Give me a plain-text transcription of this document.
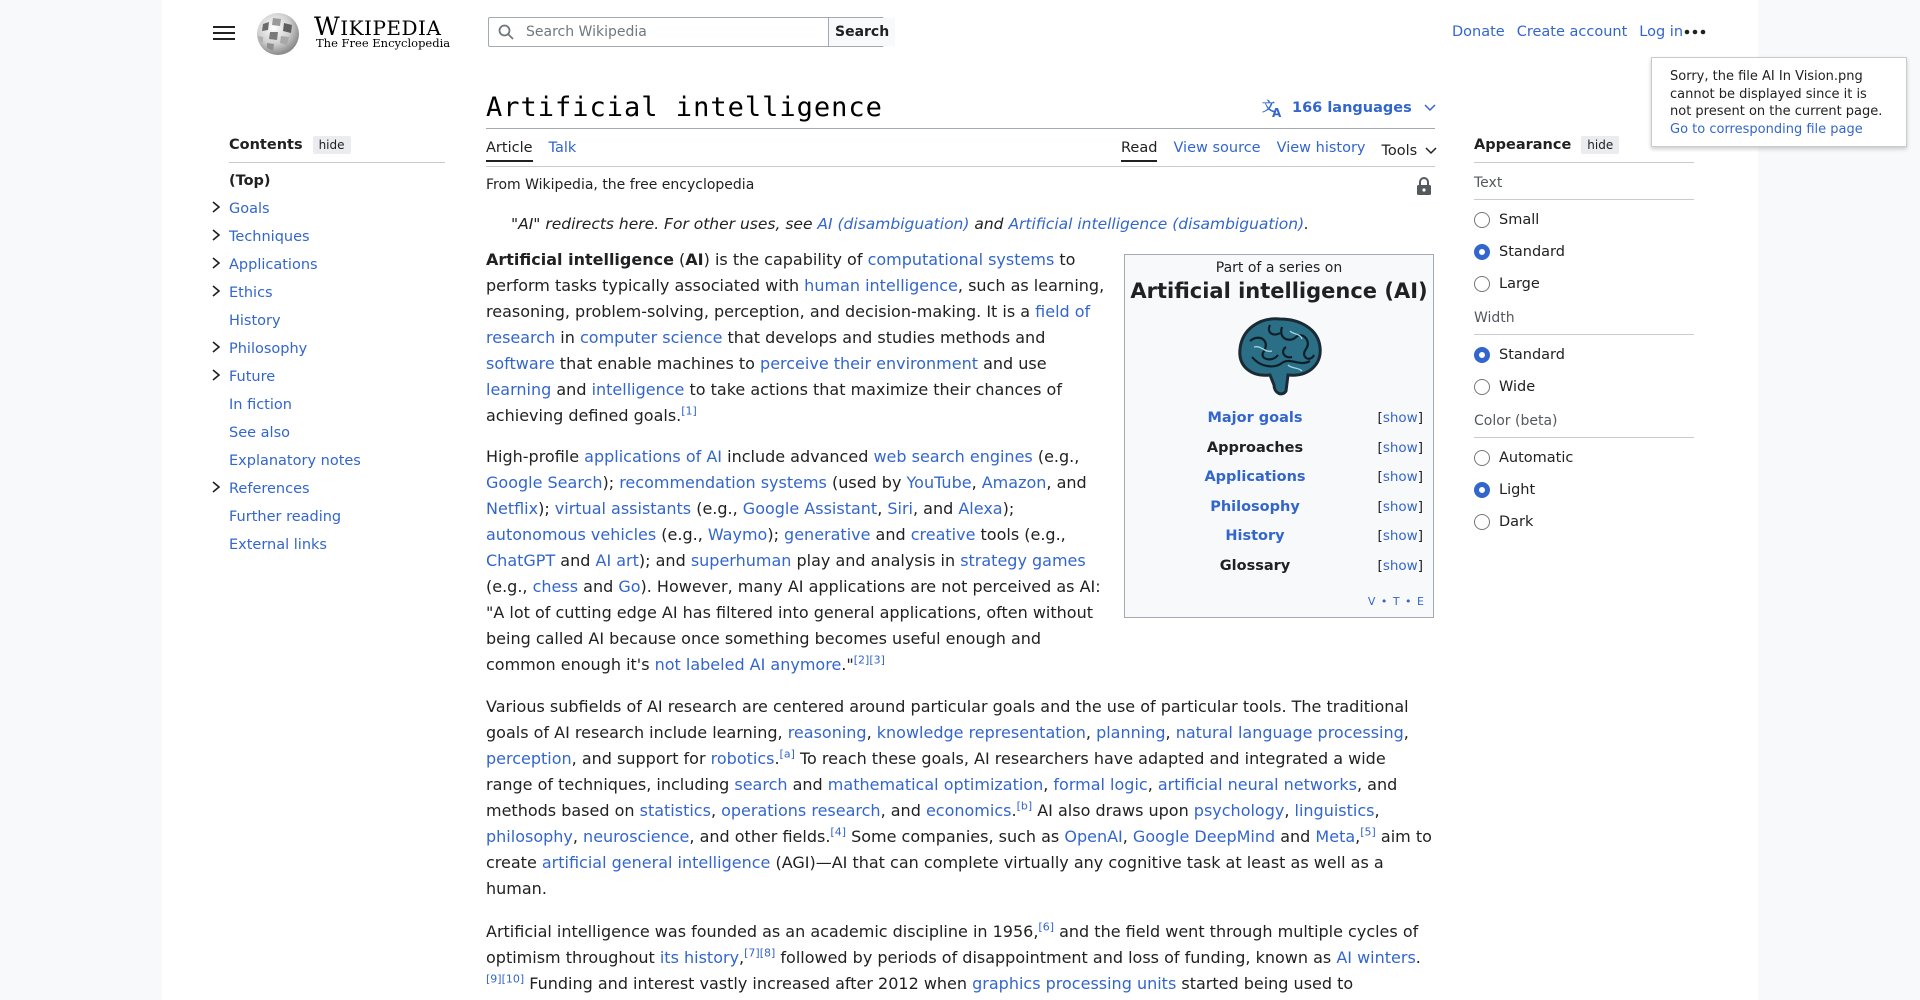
WIKIPEDIA
The Free Encyclopedia
Search Wikipedia
Search	Donate Create account Log in
Contents	hide
(Top)
Goals
Techniques
Applications
Ethics
History
Philosophy
Future
In fiction
See also
Explanatory notes
References
Further reading
External links
Artificial intelligence	文
A 166 languages
Article Talk	Read View source View history Tools
From Wikipedia, the free encyclopedia
"AI" redirects here. For other uses, see AI (disambiguation) and Artificial intelligence (disambiguation).
Artificial intelligence (AI) is the capability of computational systems to perform tasks typically associated with human intelligence, such as learning, reasoning, problem-solving, perception, and decision-making. It is a field of research in computer science that develops and studies methods and software that enable machines to perceive their environment and use learning and intelligence to take actions that maximize their chances of achieving defined goals.[1]
High-profile applications of AI include advanced web search engines (e.g., Google Search); recommendation systems (used by YouTube, Amazon, and Netflix); virtual assistants (e.g., Google Assistant, Siri, and Alexa); autonomous vehicles (e.g., Waymo); generative and creative tools (e.g., ChatGPT and AI art); and superhuman play and analysis in strategy games (e.g., chess and Go). However, many AI applications are not perceived as AI: "A lot of cutting edge AI has filtered into general applications, often without being called AI because once something becomes useful enough and common enough it's not labeled AI anymore."[2][3]
Various subfields of AI research are centered around particular goals and the use of particular tools. The traditional goals of AI research include learning, reasoning, knowledge representation, planning, natural language processing, perception, and support for robotics.[a] To reach these goals, AI researchers have adapted and integrated a wide range of techniques, including search and mathematical optimization, formal logic, artificial neural networks, and methods based on statistics, operations research, and economics.[b] AI also draws upon psychology, linguistics, philosophy, neuroscience, and other fields.[4] Some companies, such as OpenAI, Google DeepMind and Meta,[5] aim to create artificial general intelligence (AGI)—AI that can complete virtually any cognitive task at least as well as a human.
Artificial intelligence was founded as an academic discipline in 1956,[6] and the field went through multiple cycles of optimism throughout its history,[7][8] followed by periods of disappointment and loss of funding, known as AI winters.[9][10] Funding and interest vastly increased after 2012 when graphics processing units started being used to
Part of a series on
Artificial intelligence (AI)
Major goals	[show]
Approaches	[show]
Applications	[show]
Philosophy	[show]
History	[show]
Glossary	[show]
V • T • E
Appearance	hide
Text
Small
Standard
Large
Width
Standard
Wide
Color (beta)
Automatic
Light
Dark
Sorry, the file AI In Vision.png cannot be displayed since it is not present on the current page.
Go to corresponding file page
